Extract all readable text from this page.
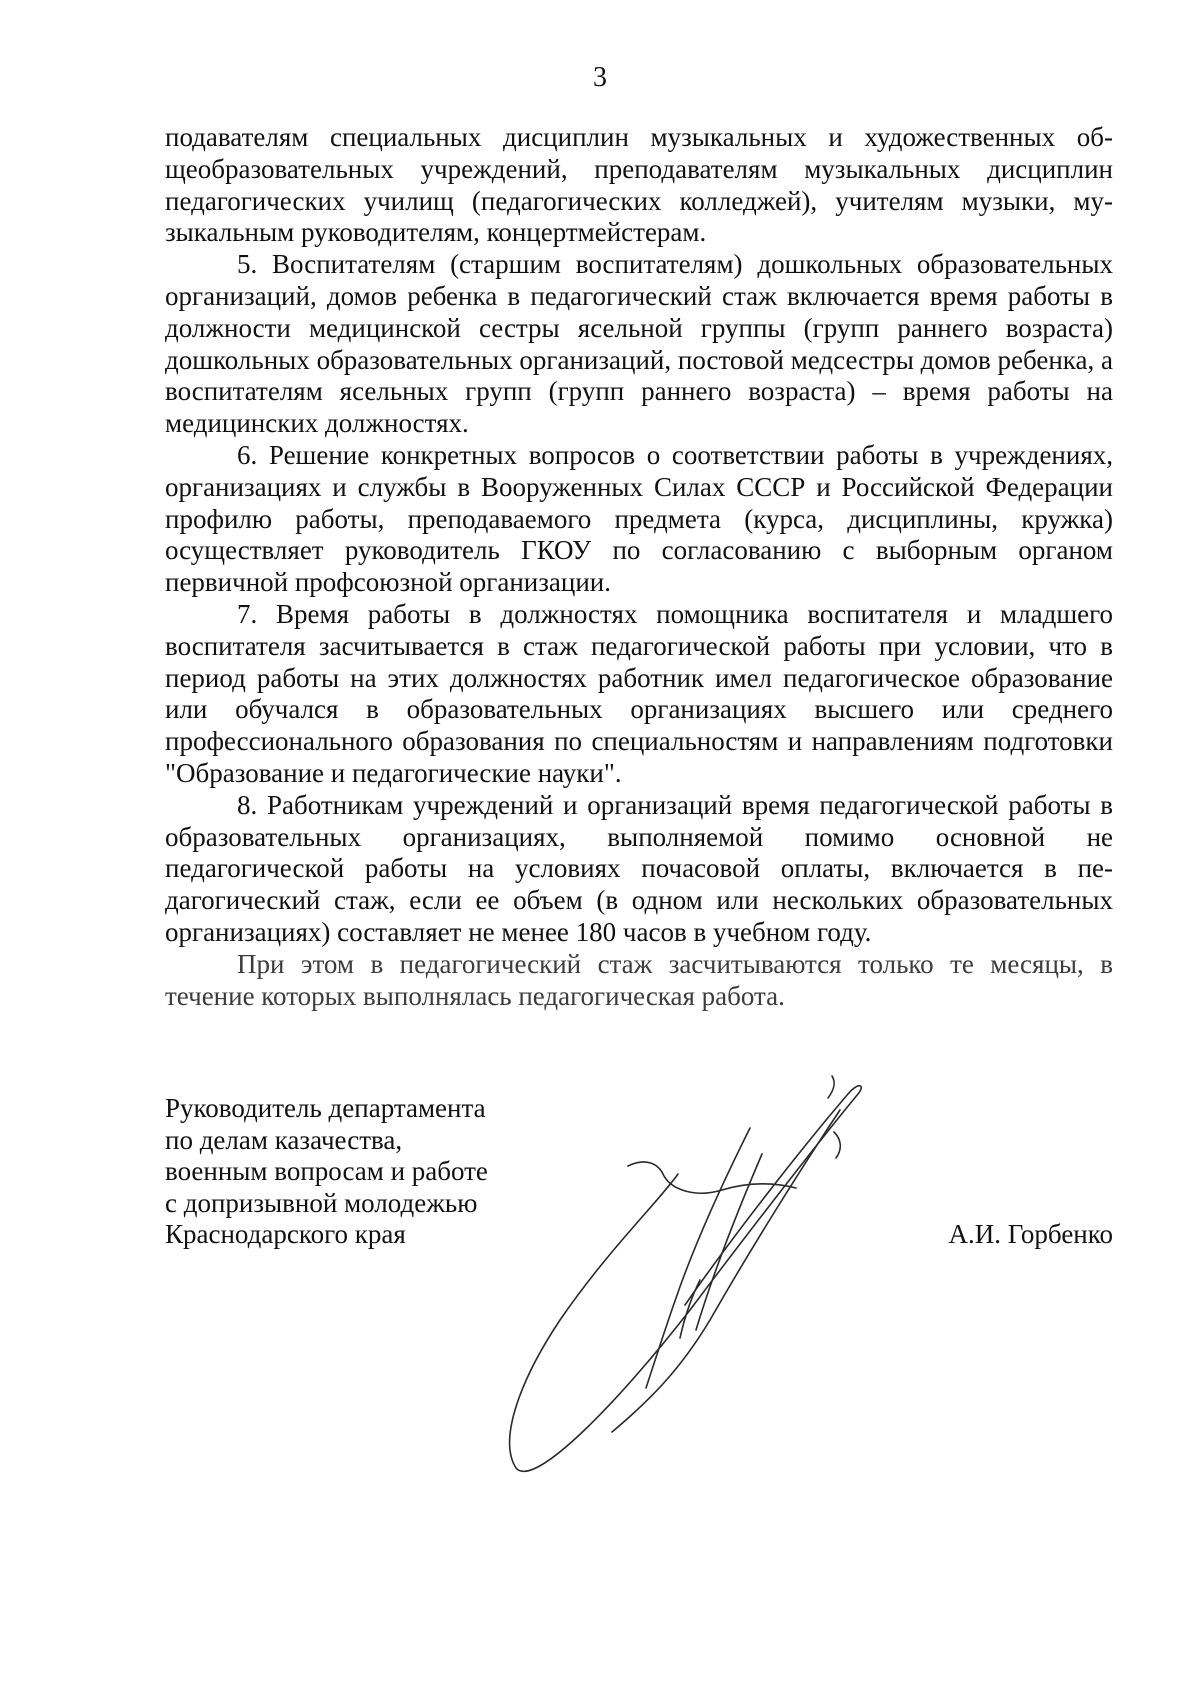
3

подавателям специальных дисциплин музыкальных и художественных общеобразовательных учреждений, преподавателям музыкальных дисциплин педагогических училищ (педагогических колледжей), учителям музыки, музыкальным руководителям, концертмейстерам.

5. Воспитателям (старшим воспитателям) дошкольных образовательных организаций, домов ребенка в педагогический стаж включается время работы в должности медицинской сестры ясельной группы (групп раннего возраста) дошкольных образовательных организаций, постовой медсестры домов ребенка, а воспитателям ясельных групп (групп раннего возраста) – время работы на медицинских должностях.

6. Решение конкретных вопросов о соответствии работы в учреждениях, организациях и службы в Вооруженных Силах СССР и Российской Федерации профилю работы, преподаваемого предмета (курса, дисциплины, кружка) осуществляет руководитель ГКОУ по согласованию с выборным органом первичной профсоюзной организации.

7. Время работы в должностях помощника воспитателя и младшего воспитателя засчитывается в стаж педагогической работы при условии, что в период работы на этих должностях работник имел педагогическое образование или обучался в образовательных организациях высшего или среднего профессионального образования по специальностям и направлениям подготовки "Образование и педагогические науки".

8. Работникам учреждений и организаций время педагогической работы в образовательных организациях, выполняемой помимо основной не педагогической работы на условиях почасовой оплаты, включается в педагогический стаж, если ее объем (в одном или нескольких образовательных организациях) составляет не менее 180 часов в учебном году.

При этом в педагогический стаж засчитываются только те месяцы, в течение которых выполнялась педагогическая работа.

Руководитель департамента
по делам казачества,
военным вопросам и работе
с допризывной молодежью
Краснодарского края	А.И. Горбенко
